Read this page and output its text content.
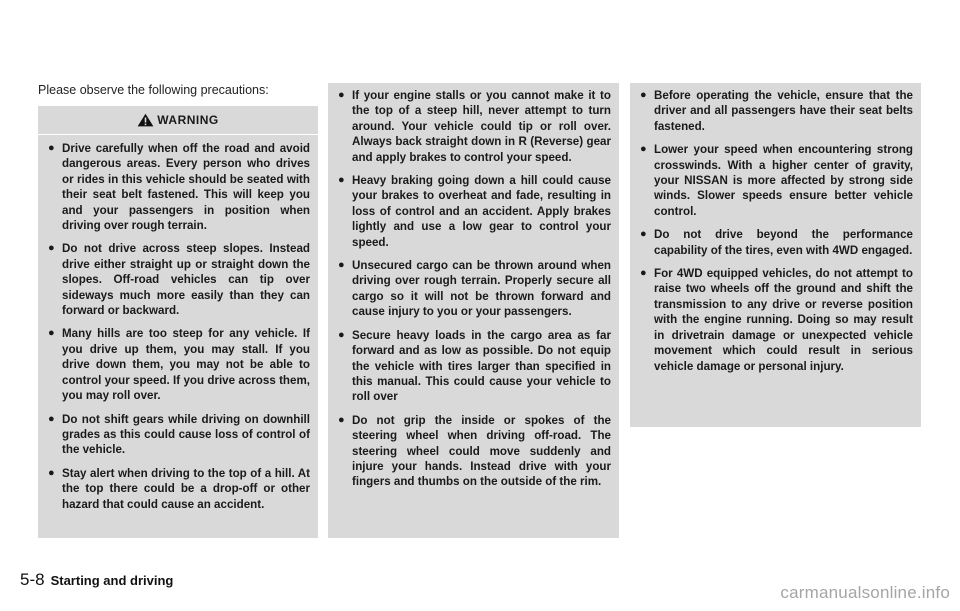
Please observe the following precautions:
WARNING
● Drive carefully when off the road and avoid dangerous areas. Every person who drives or rides in this vehicle should be seated with their seat belt fastened. This will keep you and your passengers in position when driving over rough terrain.
● Do not drive across steep slopes. Instead drive either straight up or straight down the slopes. Off-road vehicles can tip over sideways much more easily than they can forward or backward.
● Many hills are too steep for any vehicle. If you drive up them, you may stall. If you drive down them, you may not be able to control your speed. If you drive across them, you may roll over.
● Do not shift gears while driving on downhill grades as this could cause loss of control of the vehicle.
● Stay alert when driving to the top of a hill. At the top there could be a drop-off or other hazard that could cause an accident.
● If your engine stalls or you cannot make it to the top of a steep hill, never attempt to turn around. Your vehicle could tip or roll over. Always back straight down in R (Reverse) gear and apply brakes to control your speed.
● Heavy braking going down a hill could cause your brakes to overheat and fade, resulting in loss of control and an accident. Apply brakes lightly and use a low gear to control your speed.
● Unsecured cargo can be thrown around when driving over rough terrain. Properly secure all cargo so it will not be thrown forward and cause injury to you or your passengers.
● Secure heavy loads in the cargo area as far forward and as low as possible. Do not equip the vehicle with tires larger than specified in this manual. This could cause your vehicle to roll over
● Do not grip the inside or spokes of the steering wheel when driving off-road. The steering wheel could move suddenly and injure your hands. Instead drive with your fingers and thumbs on the outside of the rim.
● Before operating the vehicle, ensure that the driver and all passengers have their seat belts fastened.
● Lower your speed when encountering strong crosswinds. With a higher center of gravity, your NISSAN is more affected by strong side winds. Slower speeds ensure better vehicle control.
● Do not drive beyond the performance capability of the tires, even with 4WD engaged.
● For 4WD equipped vehicles, do not attempt to raise two wheels off the ground and shift the transmission to any drive or reverse position with the engine running. Doing so may result in drivetrain damage or unexpected vehicle movement which could result in serious vehicle damage or personal injury.
5-8 Starting and driving
carmanualsonline.info
